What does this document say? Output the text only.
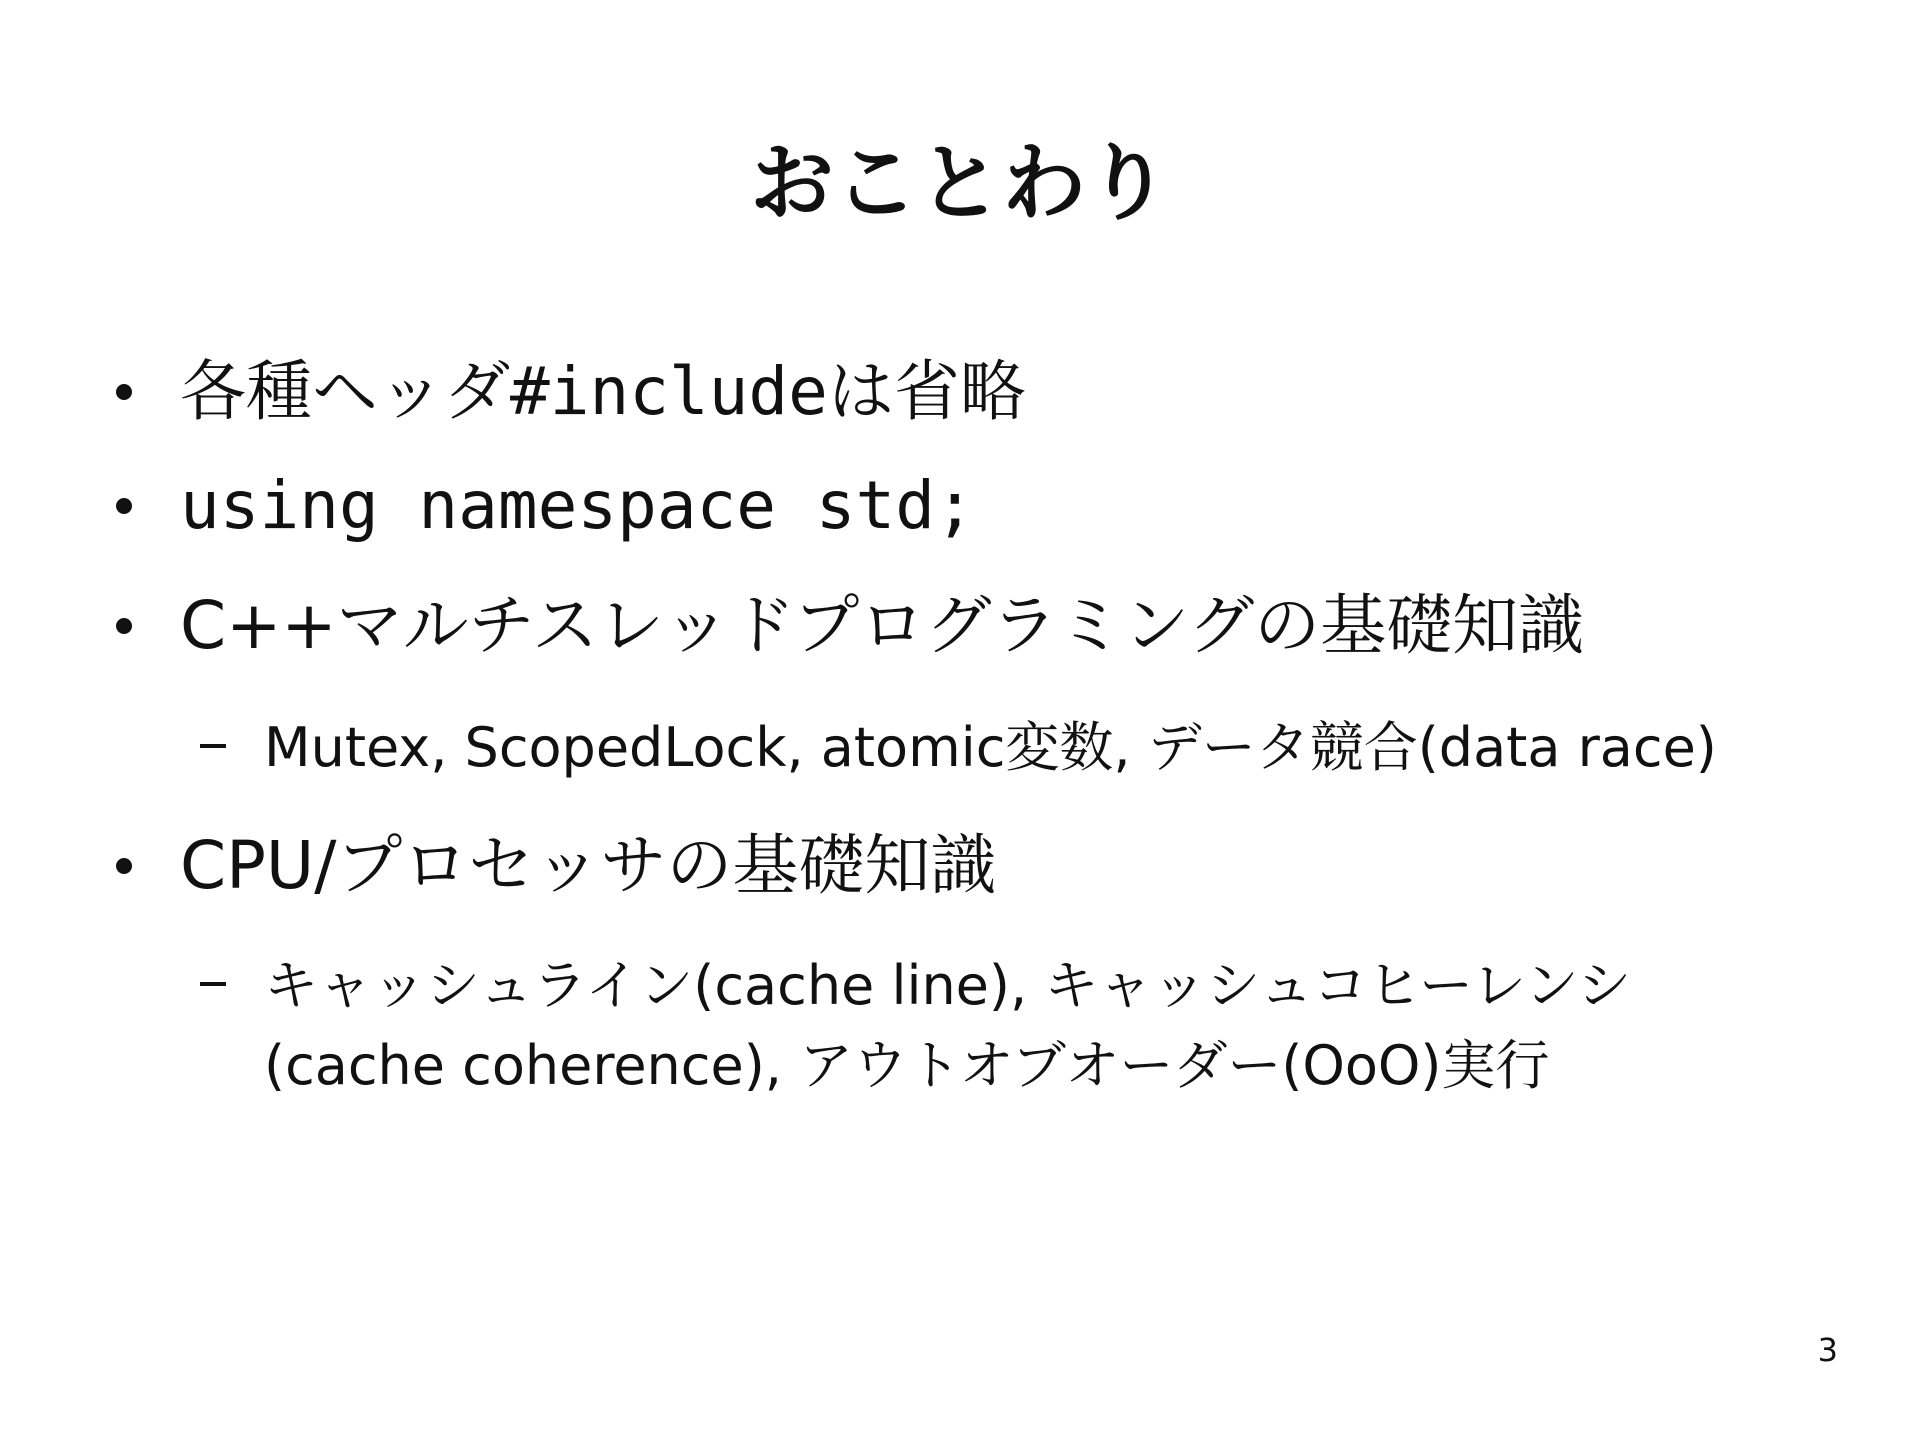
おことわり
各種ヘッダ#includeは省略
using namespace std;
C++マルチスレッドプログラミングの基礎知識
Mutex, ScopedLock, atomic変数, データ競合(data race)
CPU/プロセッサの基礎知識
キャッシュライン(cache line), キャッシュコヒーレンシ
(cache coherence), アウトオブオーダー(OoO)実行
3
